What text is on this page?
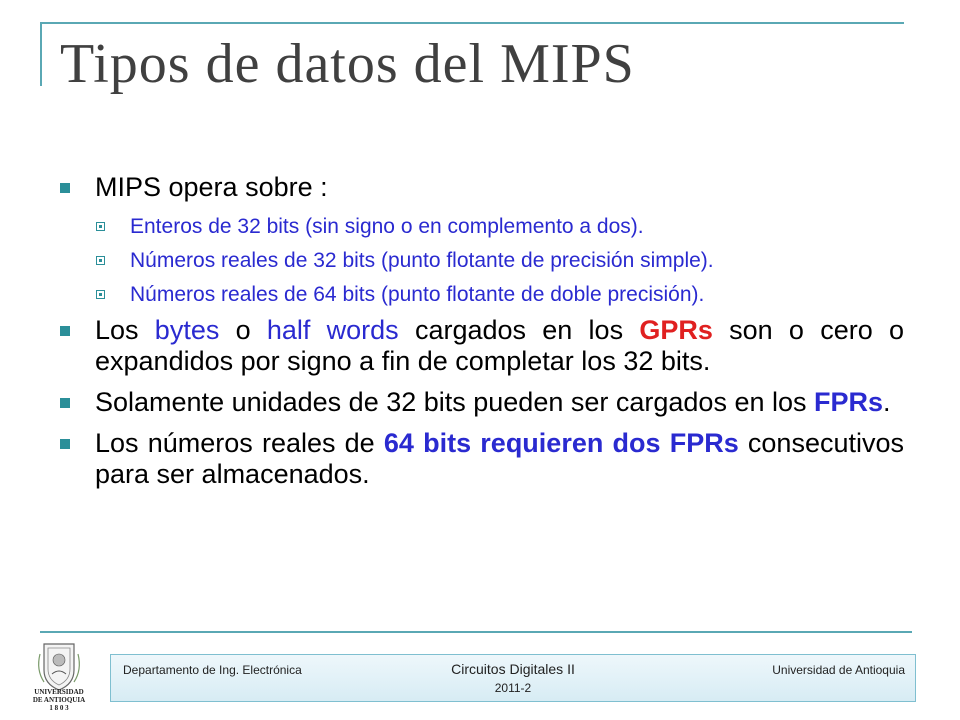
Tipos de datos del MIPS
MIPS opera sobre :
Enteros de 32 bits (sin signo o en complemento a dos).
Números reales de 32 bits (punto flotante de precisión simple).
Números reales de 64 bits (punto flotante de doble precisión).
Los bytes o half words cargados en los GPRs son o cero o expandidos por signo a fin de completar los 32 bits.
Solamente unidades de 32 bits pueden ser cargados en los FPRs.
Los números reales de 64 bits requieren dos FPRs consecutivos para ser almacenados.
UNIVERSIDAD
DE ANTIOQUIA
1 8 0 3
Departamento de Ing. Electrónica	Circuitos Digitales II
2011-2
Universidad de Antioquia
